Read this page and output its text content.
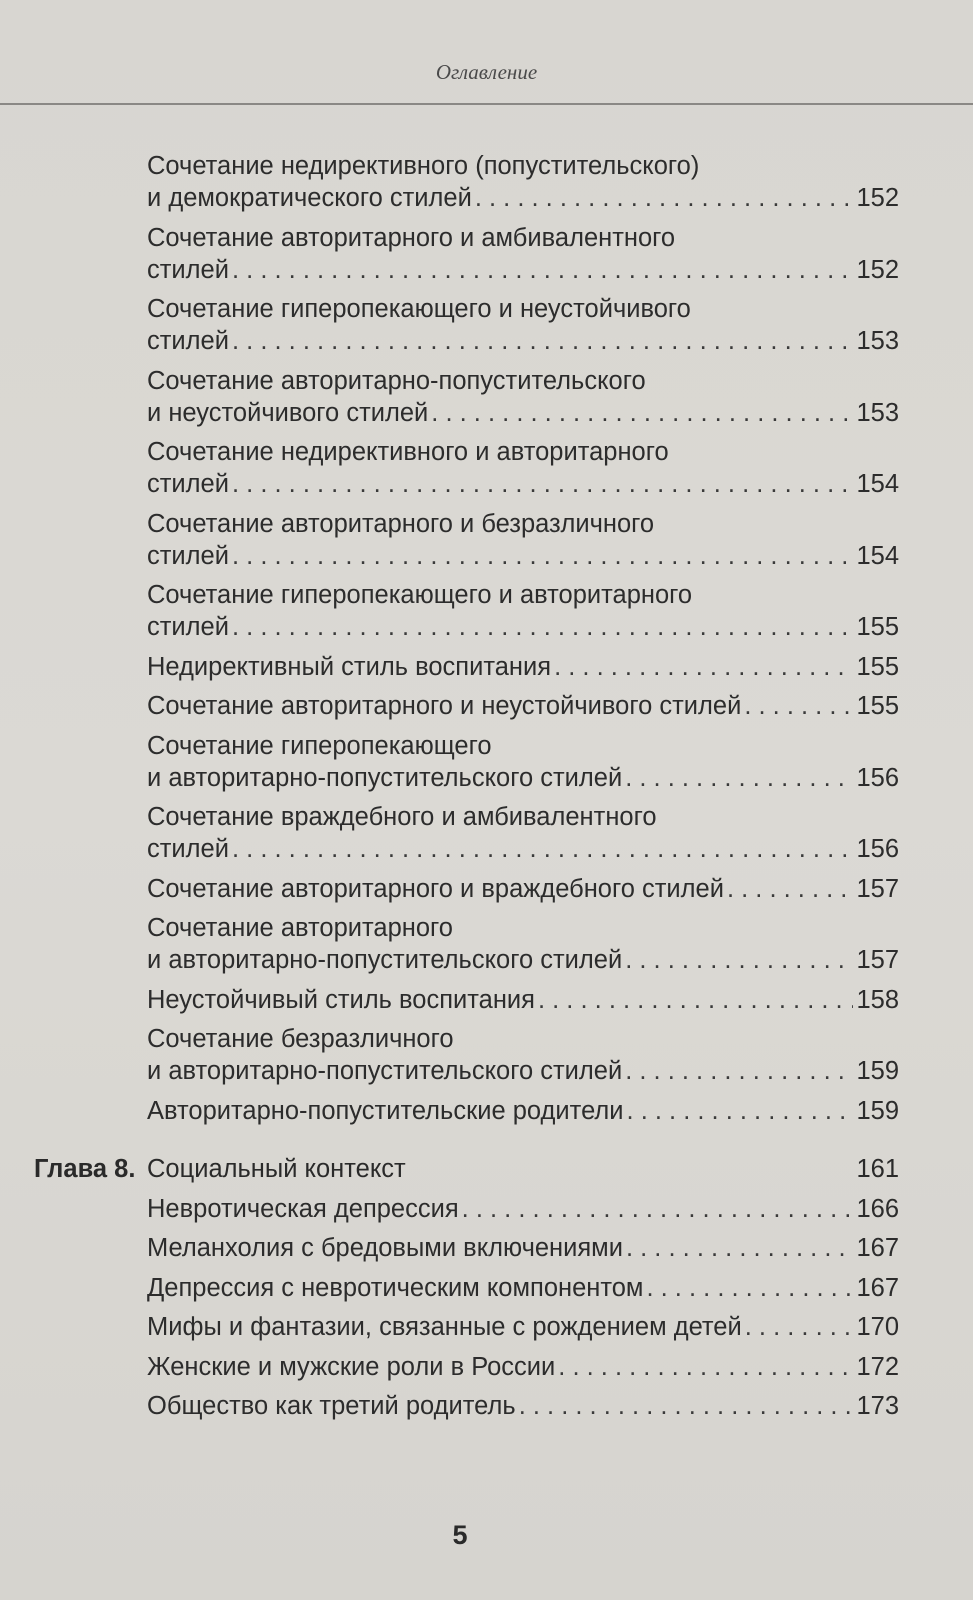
Оглавление
Сочетание недирективного (попустительского)
и демократического стилей . . .	152
Сочетание авторитарного и амбивалентного
стилей . . .	152
Сочетание гиперопекающего и неустойчивого
стилей . . .	153
Сочетание авторитарно-попустительского
и неустойчивого стилей . . .	153
Сочетание недирективного и авторитарного
стилей . . .	154
Сочетание авторитарного и безразличного
стилей . . .	154
Сочетание гиперопекающего и авторитарного
стилей . . .	155
Недирективный стиль воспитания . . .	155
Сочетание авторитарного и неустойчивого стилей . . .	155
Сочетание гиперопекающего
и авторитарно-попустительского стилей . . .	156
Сочетание враждебного и амбивалентного
стилей . . .	156
Сочетание авторитарного и враждебного стилей . . .	157
Сочетание авторитарного
и авторитарно-попустительского стилей . . .	157
Неустойчивый стиль воспитания . . .	158
Сочетание безразличного
и авторитарно-попустительского стилей . . .	159
Авторитарно-попустительские родители . . .	159
Глава 8. Социальный контекст	161
Невротическая депрессия . . .	166
Меланхолия с бредовыми включениями . . .	167
Депрессия с невротическим компонентом . . .	167
Мифы и фантазии, связанные с рождением детей . . .	170
Женские и мужские роли в России . . .	172
Общество как третий родитель . . .	173
5
